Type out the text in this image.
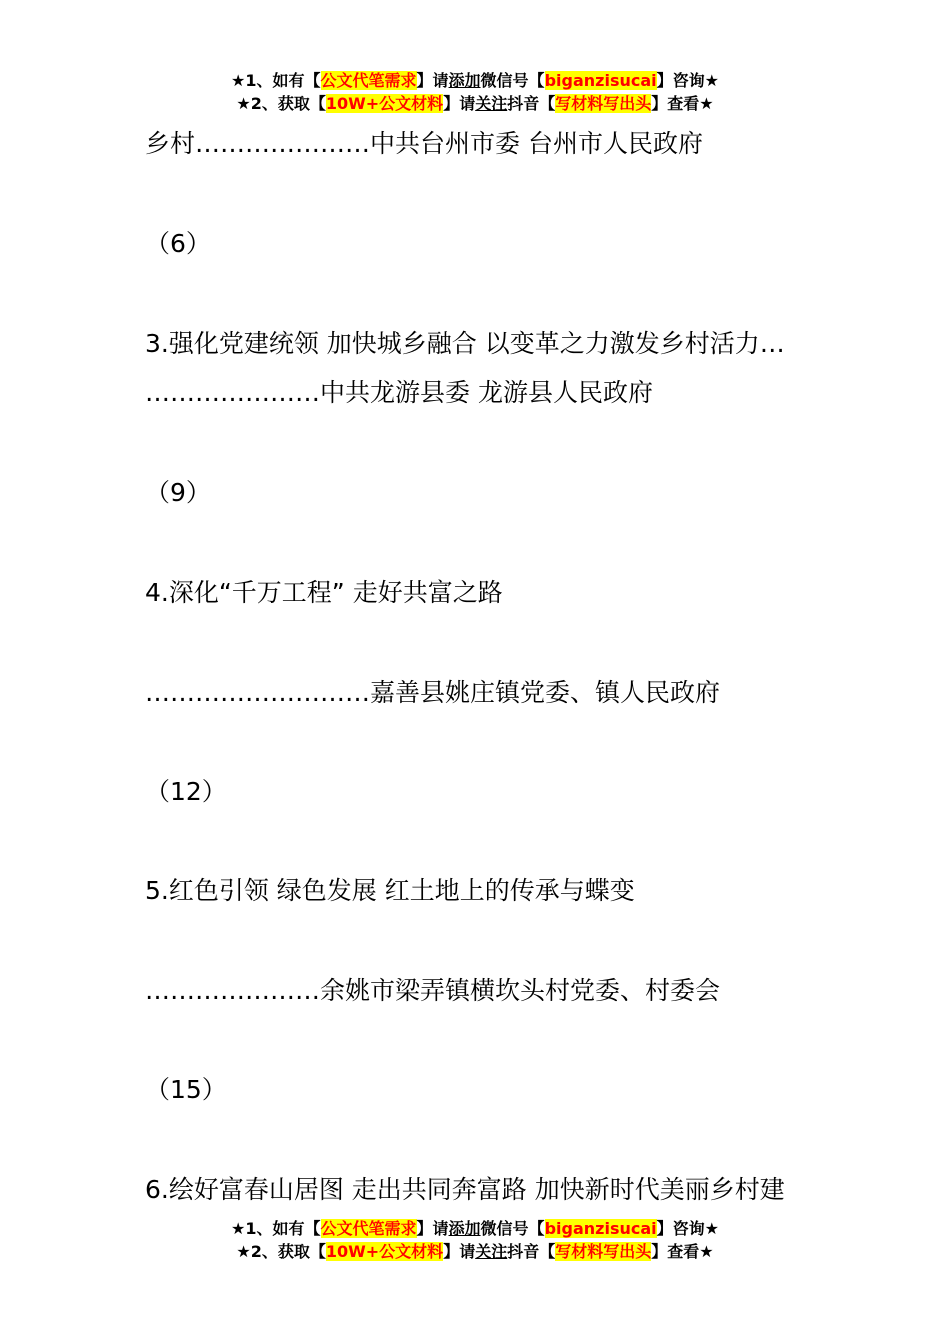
★1、如有【公文代笔需求】请添加微信号【biganzisucai】咨询★
★2、获取【10W+公文材料】请关注抖音【写材料写出头】查看★
乡村…………………中共台州市委 台州市人民政府
（6）
3.强化党建统领 加快城乡融合 以变革之力激发乡村活力…
…………………中共龙游县委 龙游县人民政府
（9）
4.深化“千万工程” 走好共富之路
………………………嘉善县姚庄镇党委、镇人民政府
（12）
5.红色引领 绿色发展 红土地上的传承与蝶变
…………………余姚市梁弄镇横坎头村党委、村委会
（15）
6.绘好富春山居图 走出共同奔富路 加快新时代美丽乡村建
★1、如有【公文代笔需求】请添加微信号【biganzisucai】咨询★
★2、获取【10W+公文材料】请关注抖音【写材料写出头】查看★
